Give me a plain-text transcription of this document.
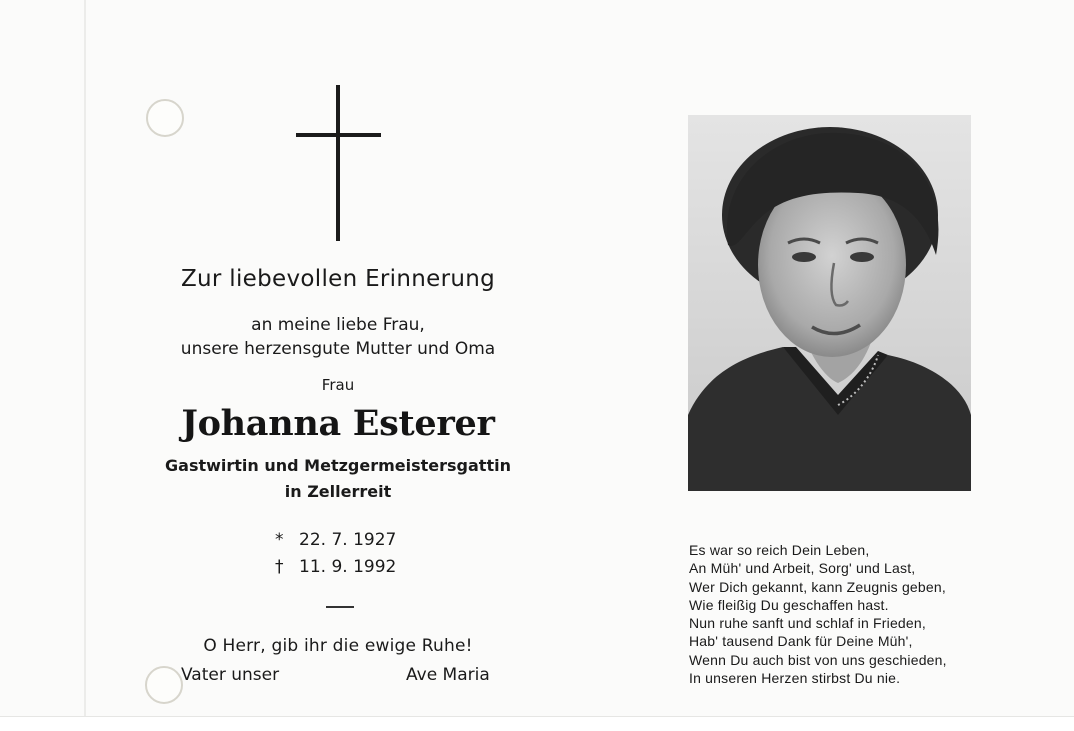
Zur liebevollen Erinnerung
an meine liebe Frau,
unsere herzensgute Mutter und Oma
Frau
Johanna Esterer
Gastwirtin und Metzgermeistersgattin
in Zellerreit
* 22. 7. 1927
† 11. 9. 1992
O Herr, gib ihr die ewige Ruhe!
Vater unser	Ave Maria
Es war so reich Dein Leben,
An Müh' und Arbeit, Sorg' und Last,
Wer Dich gekannt, kann Zeugnis geben,
Wie fleißig Du geschaffen hast.
Nun ruhe sanft und schlaf in Frieden,
Hab' tausend Dank für Deine Müh',
Wenn Du auch bist von uns geschieden,
In unseren Herzen stirbst Du nie.
